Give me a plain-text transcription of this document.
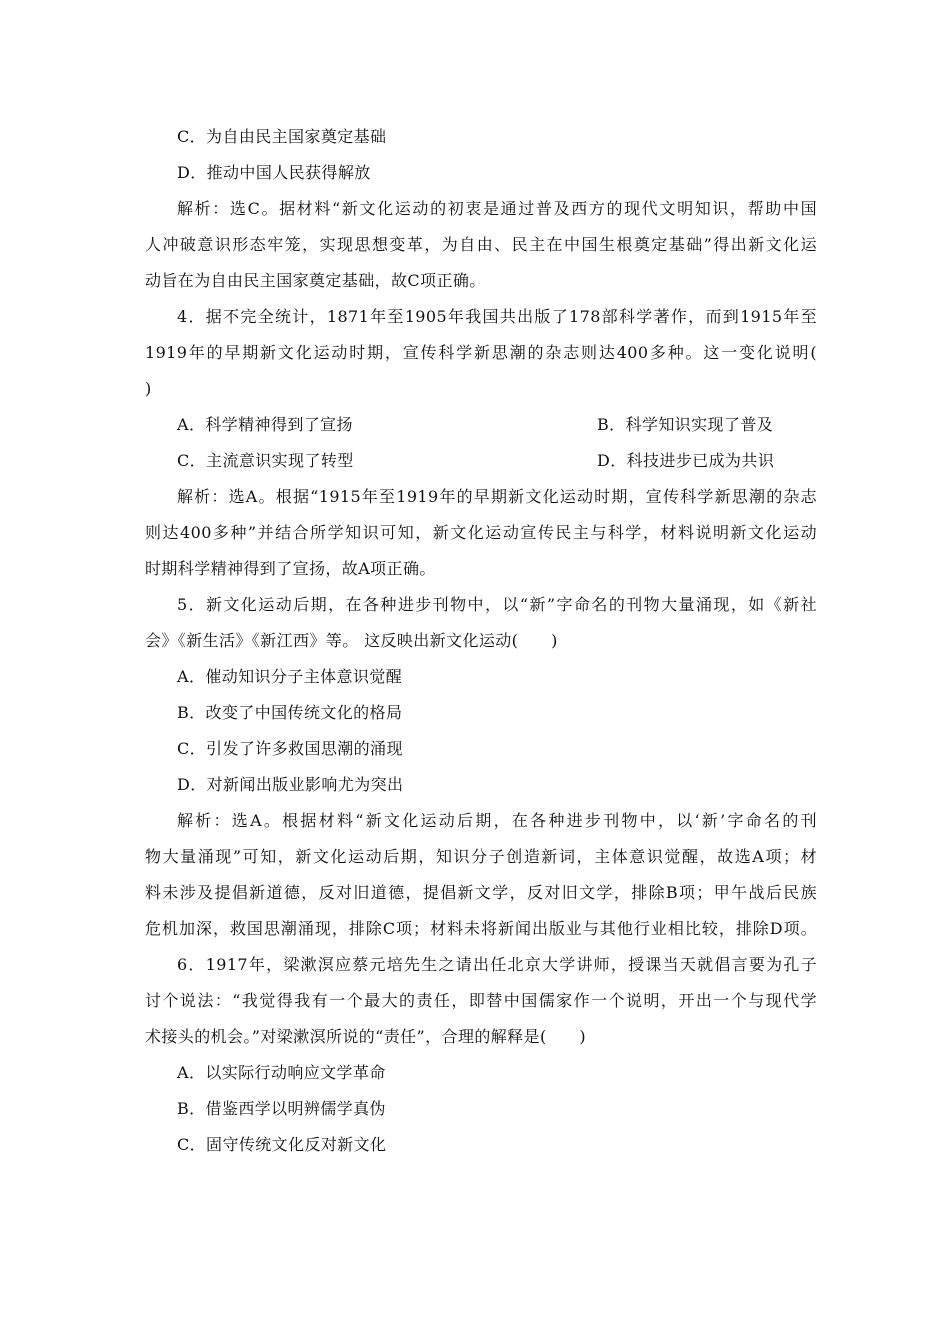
C．为自由民主国家奠定基础
D．推动中国人民获得解放
解析：选C。据材料“新文化运动的初衷是通过普及西方的现代文明知识，帮助中国
人冲破意识形态牢笼，实现思想变革，为自由、民主在中国生根奠定基础”得出新文化运
动旨在为自由民主国家奠定基础，故C项正确。
4．据不完全统计，1871年至1905年我国共出版了178部科学著作，而到1915年至
1919年的早期新文化运动时期，宣传科学新思潮的杂志则达400多种。这一变化说明(
)
A．科学精神得到了宣扬	B．科学知识实现了普及
C．主流意识实现了转型	D．科技进步已成为共识
解析：选A。根据“1915年至1919年的早期新文化运动时期，宣传科学新思潮的杂志
则达400多种”并结合所学知识可知，新文化运动宣传民主与科学，材料说明新文化运动
时期科学精神得到了宣扬，故A项正确。
5．新文化运动后期，在各种进步刊物中，以“新”字命名的刊物大量涌现，如《新社
会》《新生活》《新江西》等。 这反映出新文化运动(　　)
A．催动知识分子主体意识觉醒
B．改变了中国传统文化的格局
C．引发了许多救国思潮的涌现
D．对新闻出版业影响尤为突出
解析：选A。根据材料“新文化运动后期，在各种进步刊物中，以‘新’字命名的刊
物大量涌现”可知，新文化运动后期，知识分子创造新词，主体意识觉醒，故选A项；材
料未涉及提倡新道德，反对旧道德，提倡新文学，反对旧文学，排除B项；甲午战后民族
危机加深，救国思潮涌现，排除C项；材料未将新闻出版业与其他行业相比较，排除D项。
6．1917年，梁漱溟应蔡元培先生之请出任北京大学讲师，授课当天就倡言要为孔子
讨个说法：“我觉得我有一个最大的责任，即替中国儒家作一个说明，开出一个与现代学
术接头的机会。”对梁漱溟所说的“责任”，合理的解释是(　　)
A．以实际行动响应文学革命
B．借鉴西学以明辨儒学真伪
C．固守传统文化反对新文化
